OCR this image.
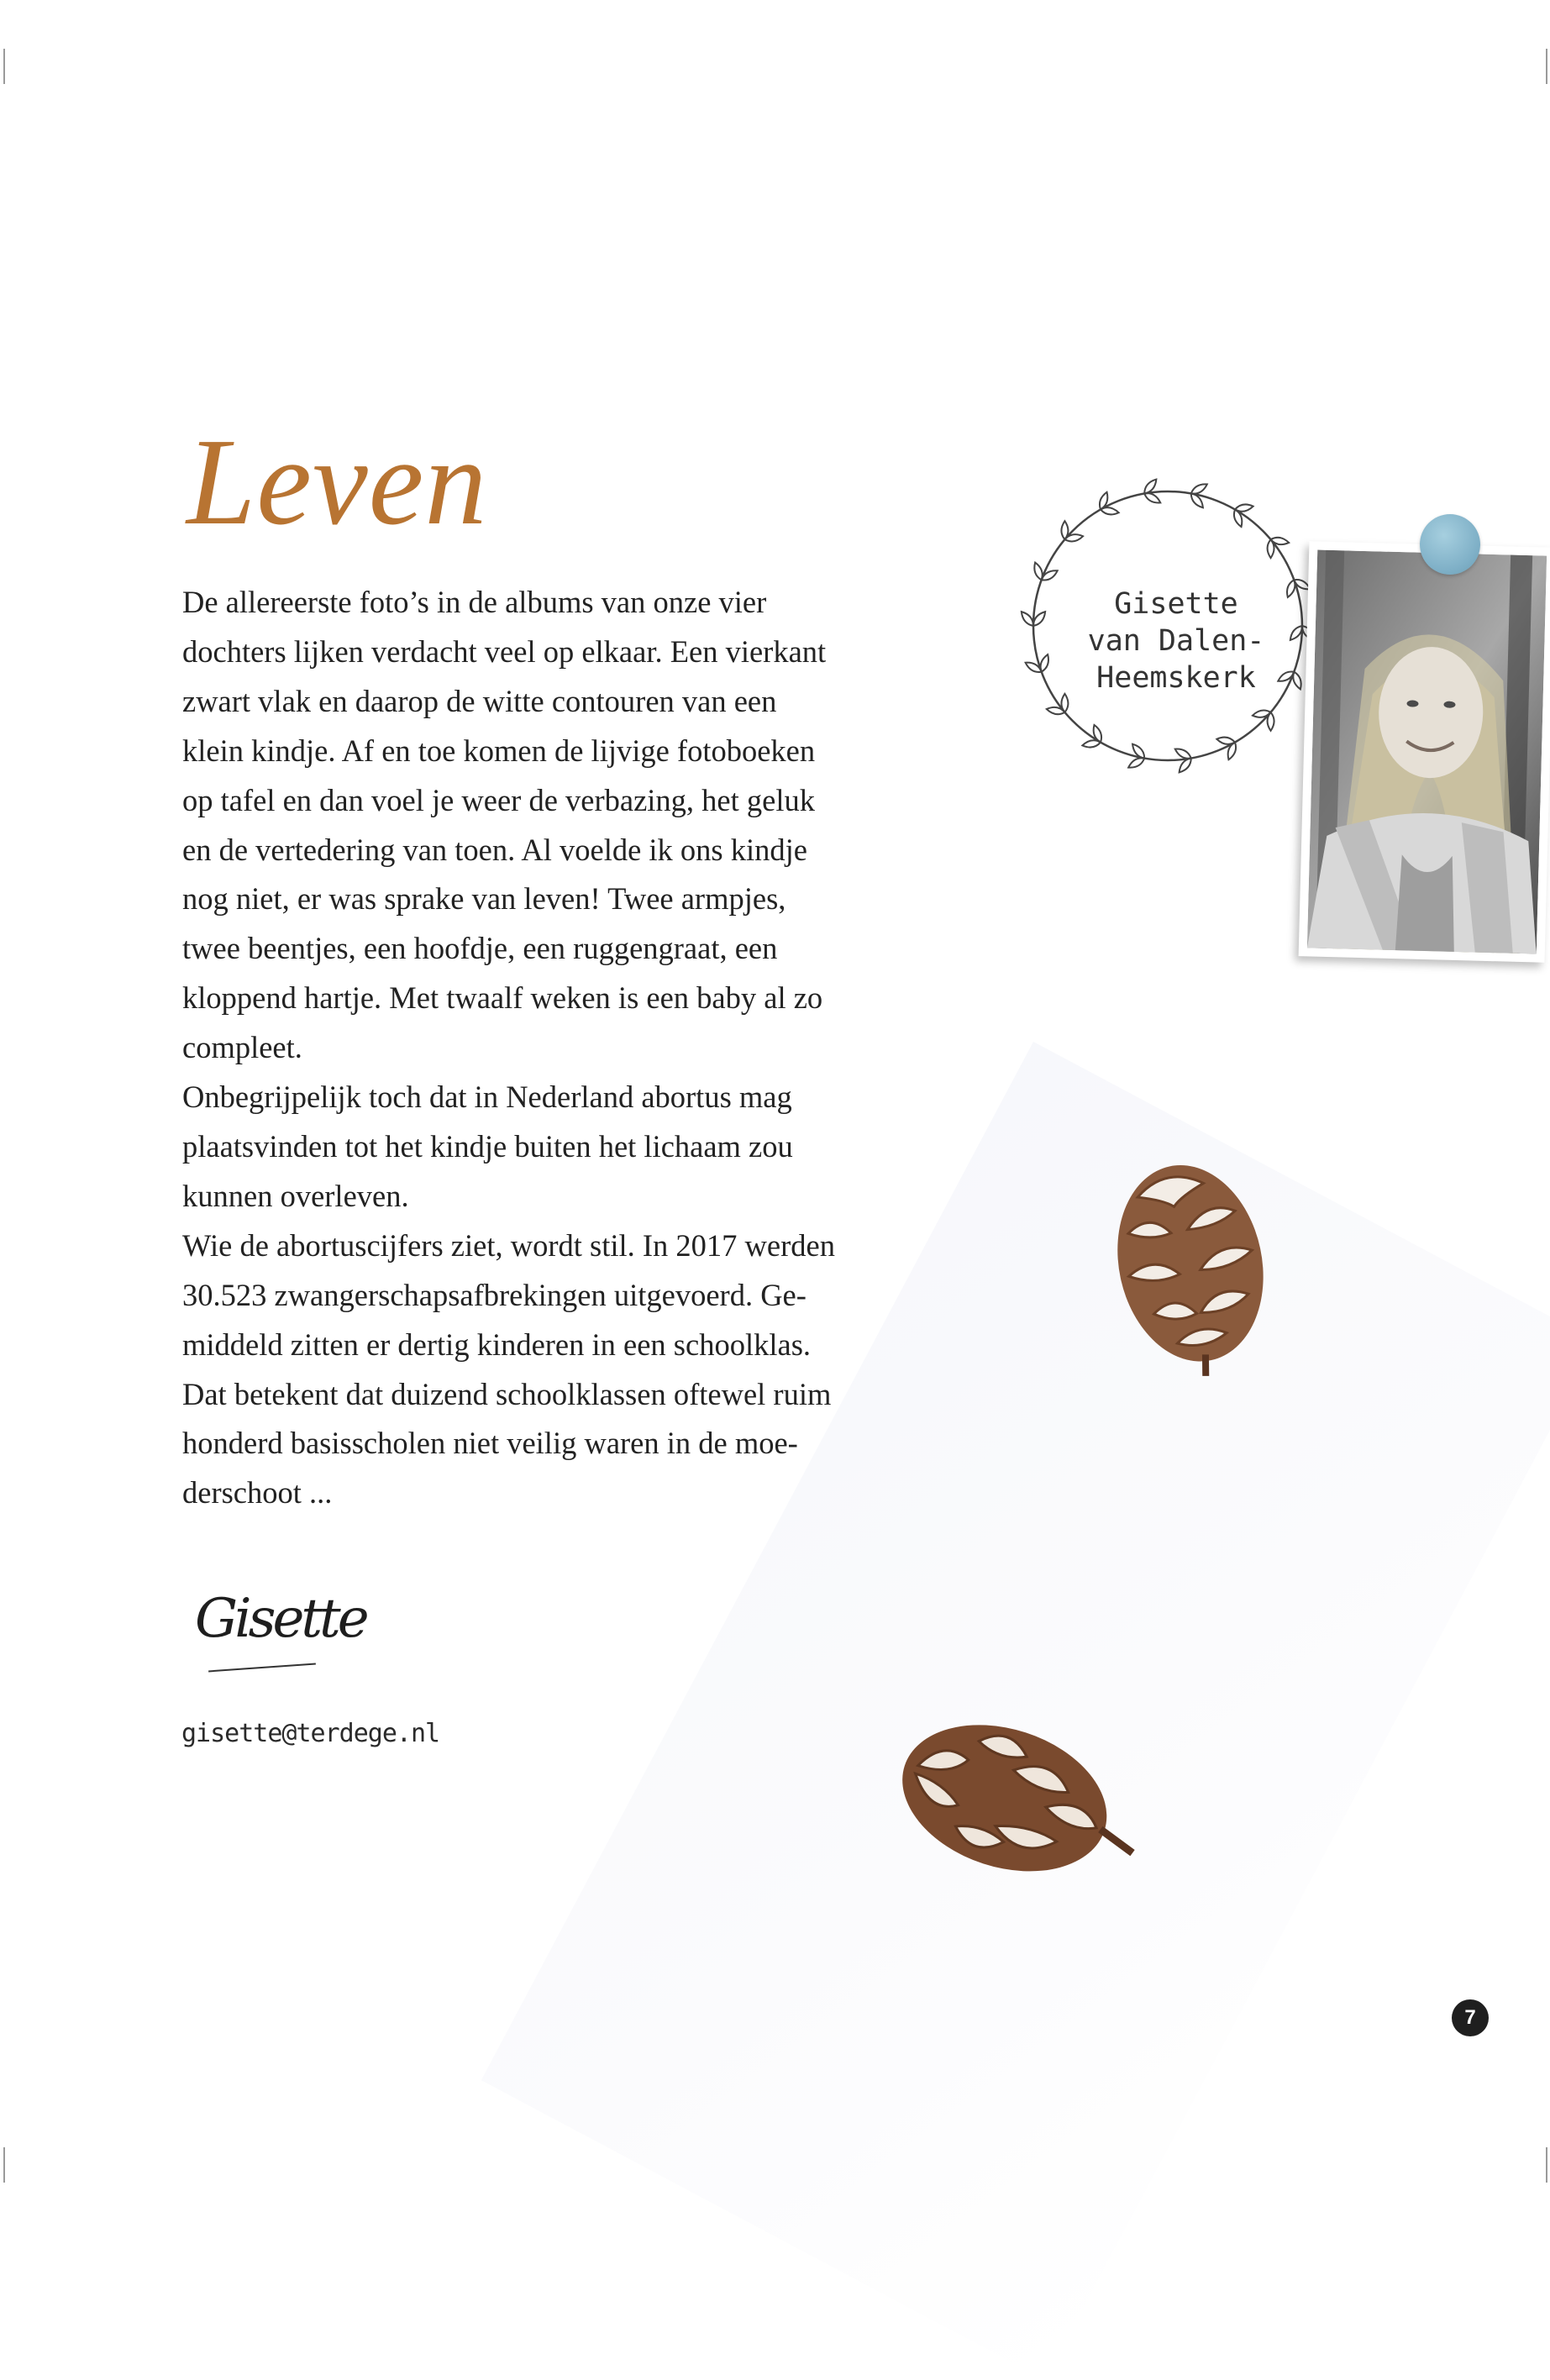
Leven
De allereerste foto’s in de albums van onze vier
dochters lijken verdacht veel op elkaar. Een vierkant
zwart vlak en daarop de witte contouren van een
klein kindje. Af en toe komen de lijvige fotoboeken
op tafel en dan voel je weer de verbazing, het geluk
en de vertedering van toen. Al voelde ik ons kindje
nog niet, er was sprake van leven! Twee armpjes,
twee beentjes, een hoofdje, een ruggengraat, een
kloppend hartje. Met twaalf weken is een baby al zo
compleet.
Onbegrijpelijk toch dat in Nederland abortus mag
plaatsvinden tot het kindje buiten het lichaam zou
kunnen overleven.
Wie de abortuscijfers ziet, wordt stil. In 2017 werden
30.523 zwangerschapsafbrekingen uitgevoerd. Ge-
middeld zitten er dertig kinderen in een schoolklas.
Dat betekent dat duizend schoolklassen oftewel ruim
honderd basisscholen niet veilig waren in de moe-
derschoot ...
Gisette
gisette@terdege.nl
Gisette
van Dalen-
Heemskerk
7
